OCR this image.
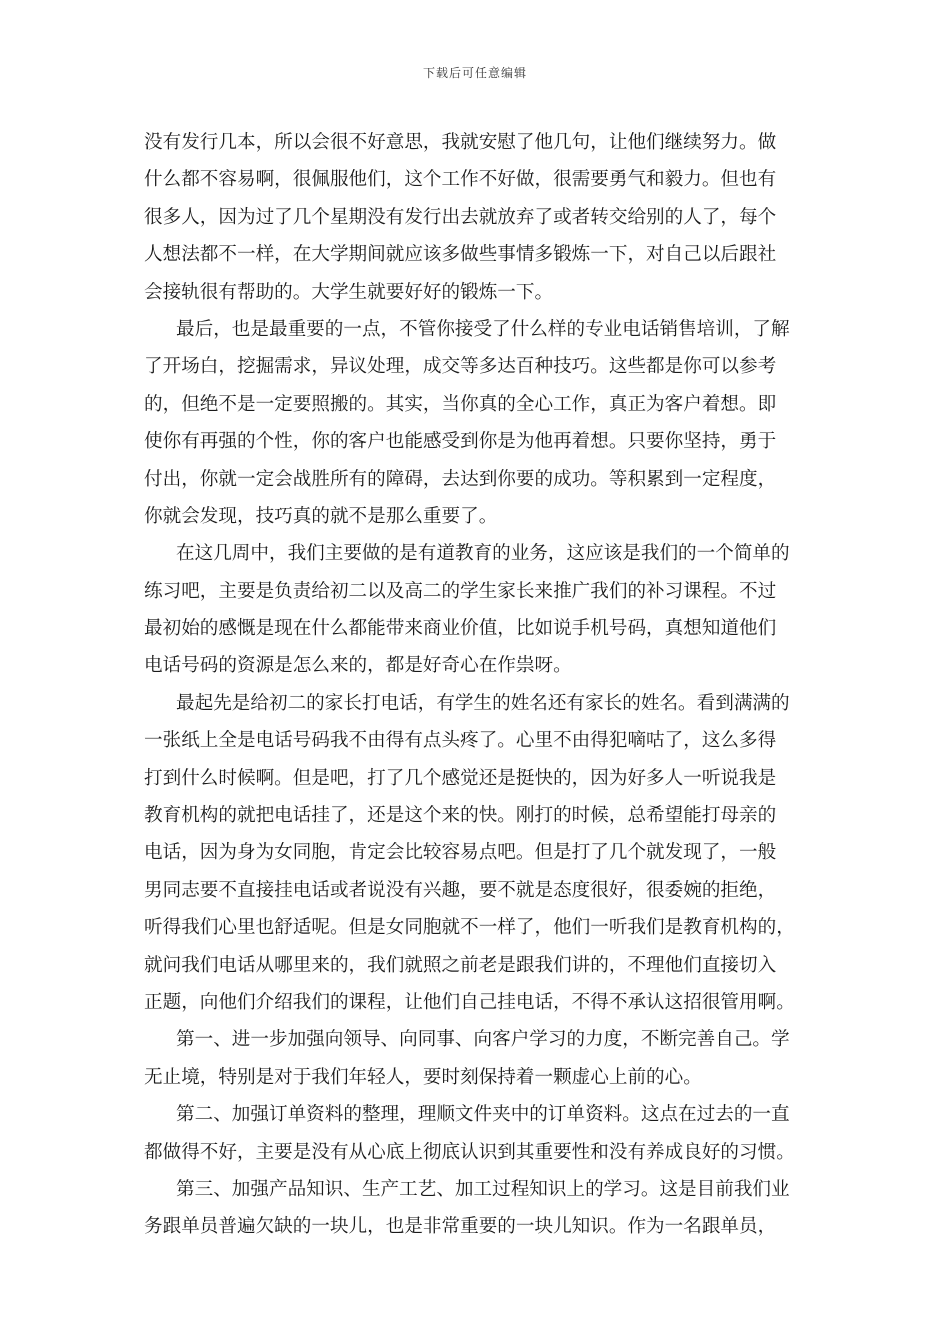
下载后可任意编辑
没有发行几本，所以会很不好意思，我就安慰了他几句，让他们继续努力。做
什么都不容易啊，很佩服他们，这个工作不好做，很需要勇气和毅力。但也有
很多人，因为过了几个星期没有发行出去就放弃了或者转交给别的人了，每个
人想法都不一样，在大学期间就应该多做些事情多锻炼一下，对自己以后跟社
会接轨很有帮助的。大学生就要好好的锻炼一下。
最后，也是最重要的一点，不管你接受了什么样的专业电话销售培训，了解
了开场白，挖掘需求，异议处理，成交等多达百种技巧。这些都是你可以参考
的，但绝不是一定要照搬的。其实，当你真的全心工作，真正为客户着想。即
使你有再强的个性，你的客户也能感受到你是为他再着想。只要你坚持，勇于
付出，你就一定会战胜所有的障碍，去达到你要的成功。等积累到一定程度，
你就会发现，技巧真的就不是那么重要了。
在这几周中，我们主要做的是有道教育的业务，这应该是我们的一个简单的
练习吧，主要是负责给初二以及高二的学生家长来推广我们的补习课程。不过
最初始的感慨是现在什么都能带来商业价值，比如说手机号码，真想知道他们
电话号码的资源是怎么来的，都是好奇心在作祟呀。
最起先是给初二的家长打电话，有学生的姓名还有家长的姓名。看到满满的
一张纸上全是电话号码我不由得有点头疼了。心里不由得犯嘀咕了，这么多得
打到什么时候啊。但是吧，打了几个感觉还是挺快的，因为好多人一听说我是
教育机构的就把电话挂了，还是这个来的快。刚打的时候，总希望能打母亲的
电话，因为身为女同胞，肯定会比较容易点吧。但是打了几个就发现了，一般
男同志要不直接挂电话或者说没有兴趣，要不就是态度很好，很委婉的拒绝，
听得我们心里也舒适呢。但是女同胞就不一样了，他们一听我们是教育机构的，
就问我们电话从哪里来的，我们就照之前老是跟我们讲的，不理他们直接切入
正题，向他们介绍我们的课程，让他们自己挂电话，不得不承认这招很管用啊。
第一、进一步加强向领导、向同事、向客户学习的力度，不断完善自己。学
无止境，特别是对于我们年轻人，要时刻保持着一颗虚心上前的心。
第二、加强订单资料的整理，理顺文件夹中的订单资料。这点在过去的一直
都做得不好，主要是没有从心底上彻底认识到其重要性和没有养成良好的习惯。
第三、加强产品知识、生产工艺、加工过程知识上的学习。这是目前我们业
务跟单员普遍欠缺的一块儿，也是非常重要的一块儿知识。作为一名跟单员，
